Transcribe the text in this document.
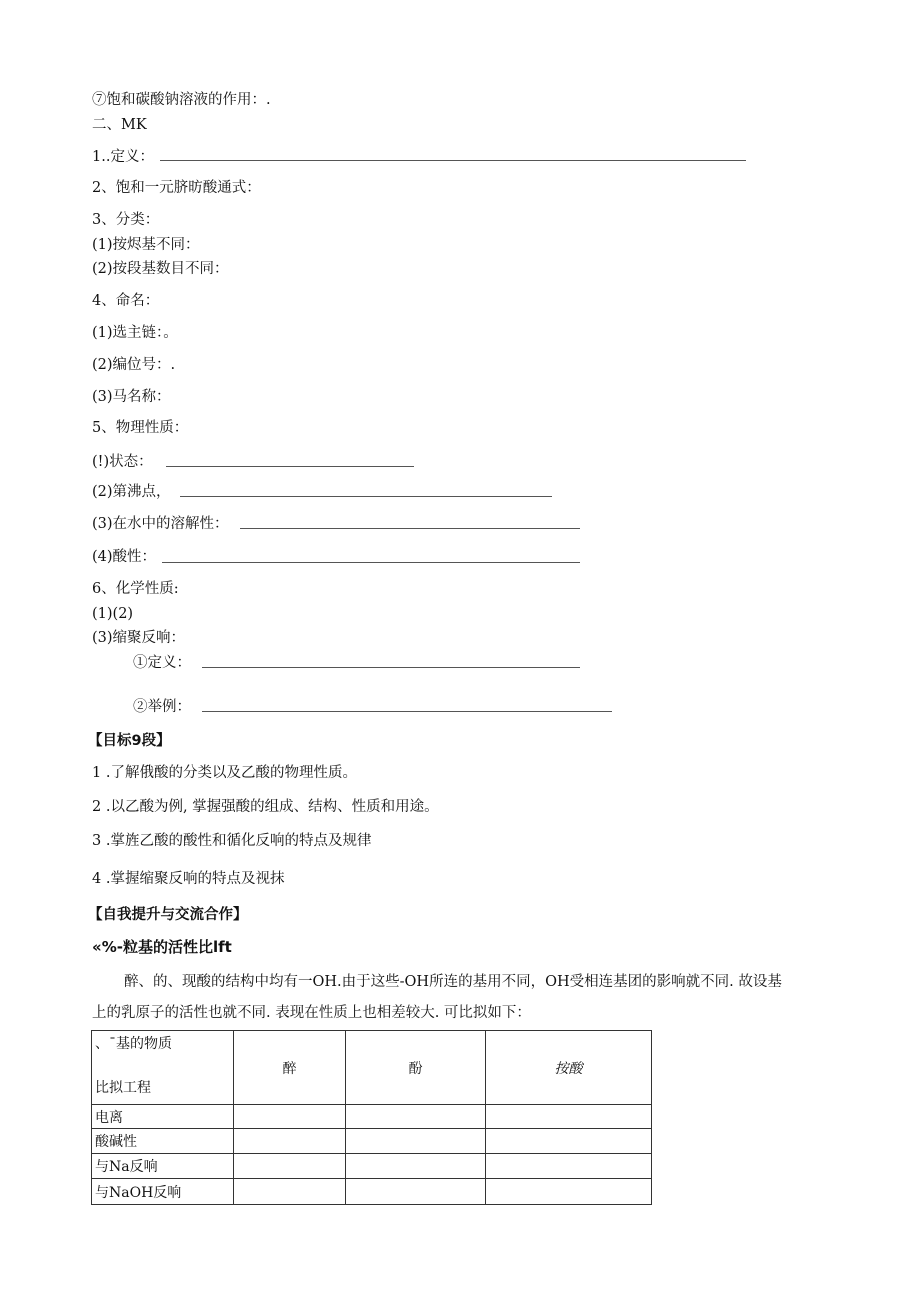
⑦饱和碳酸钠溶液的作用：.
二、MK
1..定义：
2、饱和一元脐昉酸通式：
3、分类：
(1)按烬基不同：
(2)按段基数目不同：
4、命名：
(1)选主链：。
(2)编位号：.
(3)马名称：
5、物理性质：
(!)状态：
(2)第沸点，
(3)在水中的溶解性：
(4)酸性：
6、化学性质:
(1)(2)
(3)缩聚反响：
①定义：
②举例：
【目标9段】
1 .了解俄酸的分类以及乙酸的物理性质。
2 .以乙酸为例, 掌握强酸的组成、结构、性质和用途。
3 .掌旌乙酸的酸性和循化反响的特点及规律
4 .掌握缩聚反响的特点及视抹
【自我提升与交流合作】
«%-粒基的活性比lft
醉、的、现酸的结构中均有一OH.由于这些-OH所连的基用不同，OH受相连基团的影响就不同. 故设基
上的乳原子的活性也就不同. 表现在性质上也相差较大. 可比拟如下：
、ˉ基的物质
比拟工程	醉	酚	按酸
电离			
酸碱性			
与Na反响			
与NaOH反响			
